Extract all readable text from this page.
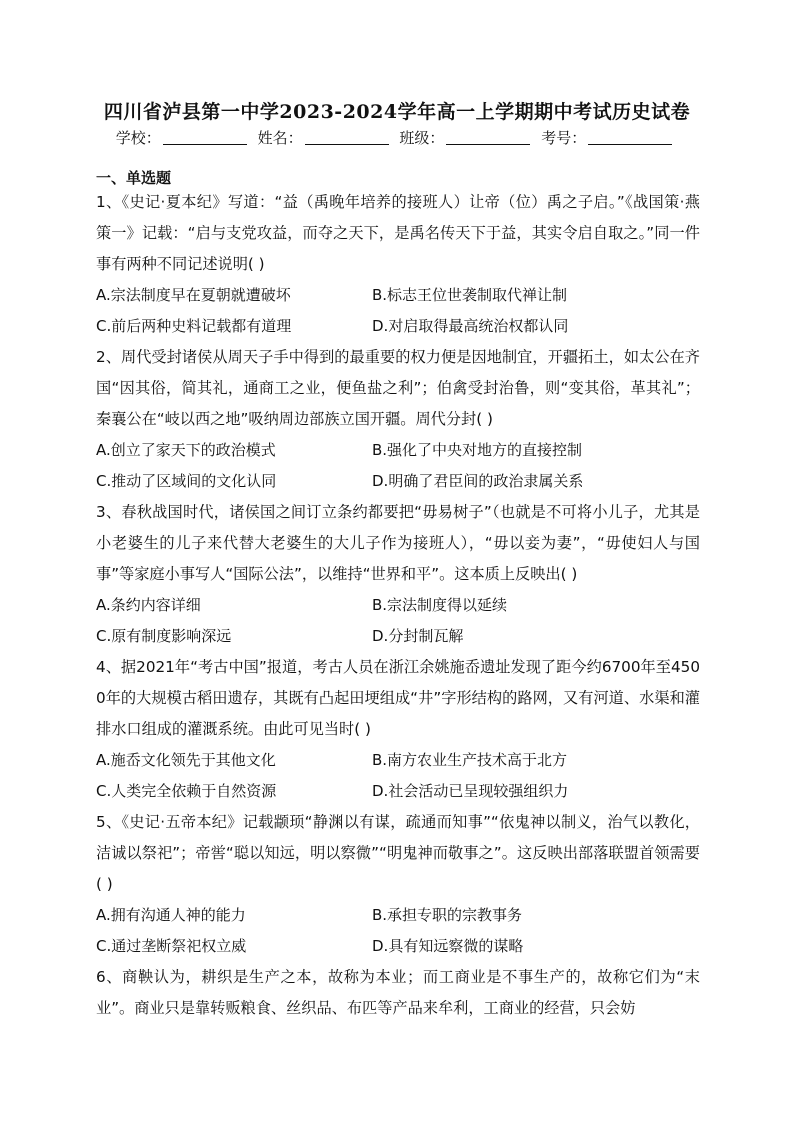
四川省泸县第一中学2023-2024学年高一上学期期中考试历史试卷
学校：	姓名：	班级：	考号：
一、单选题
1、《史记·夏本纪》写道：“益（禹晚年培养的接班人）让帝（位）禹之子启。”《战国策·燕策一》记载：“启与支党攻益，而夺之天下，是禹名传天下于益，其实令启自取之。”同一件事有两种不同记述说明( )
A.宗法制度早在夏朝就遭破坏	B.标志王位世袭制取代禅让制
C.前后两种史料记载都有道理	D.对启取得最高统治权都认同
2、周代受封诸侯从周天子手中得到的最重要的权力便是因地制宜，开疆拓土，如太公在齐国“因其俗，简其礼，通商工之业，便鱼盐之利”；伯禽受封治鲁，则“变其俗，革其礼”；秦襄公在“岐以西之地”吸纳周边部族立国开疆。周代分封( )
A.创立了家天下的政治模式	B.强化了中央对地方的直接控制
C.推动了区域间的文化认同	D.明确了君臣间的政治隶属关系
3、春秋战国时代，诸侯国之间订立条约都要把“毋易树子”（也就是不可将小儿子，尤其是小老婆生的儿子来代替大老婆生的大儿子作为接班人），“毋以妾为妻”，“毋使妇人与国事”等家庭小事写人“国际公法”，以维持“世界和平”。这本质上反映出( )
A.条约内容详细	B.宗法制度得以延续
C.原有制度影响深远	D.分封制瓦解
4、据2021年“考古中国”报道，考古人员在浙江余姚施岙遗址发现了距今约6700年至4500年的大规模古稻田遗存，其既有凸起田埂组成“井”字形结构的路网，又有河道、水渠和灌排水口组成的灌溉系统。由此可见当时( )
A.施岙文化领先于其他文化	B.南方农业生产技术高于北方
C.人类完全依赖于自然资源	D.社会活动已呈现较强组织力
5、《史记·五帝本纪》记载颛顼“静渊以有谋，疏通而知事”“依鬼神以制义，治气以教化，洁诚以祭祀”；帝喾“聪以知远，明以察微”“明鬼神而敬事之”。这反映出部落联盟首领需要( )
A.拥有沟通人神的能力	B.承担专职的宗教事务
C.通过垄断祭祀权立威	D.具有知远察微的谋略
6、商鞅认为，耕织是生产之本，故称为本业；而工商业是不事生产的，故称它们为“末业”。商业只是靠转贩粮食、丝织品、布匹等产品来牟利，工商业的经营，只会妨
